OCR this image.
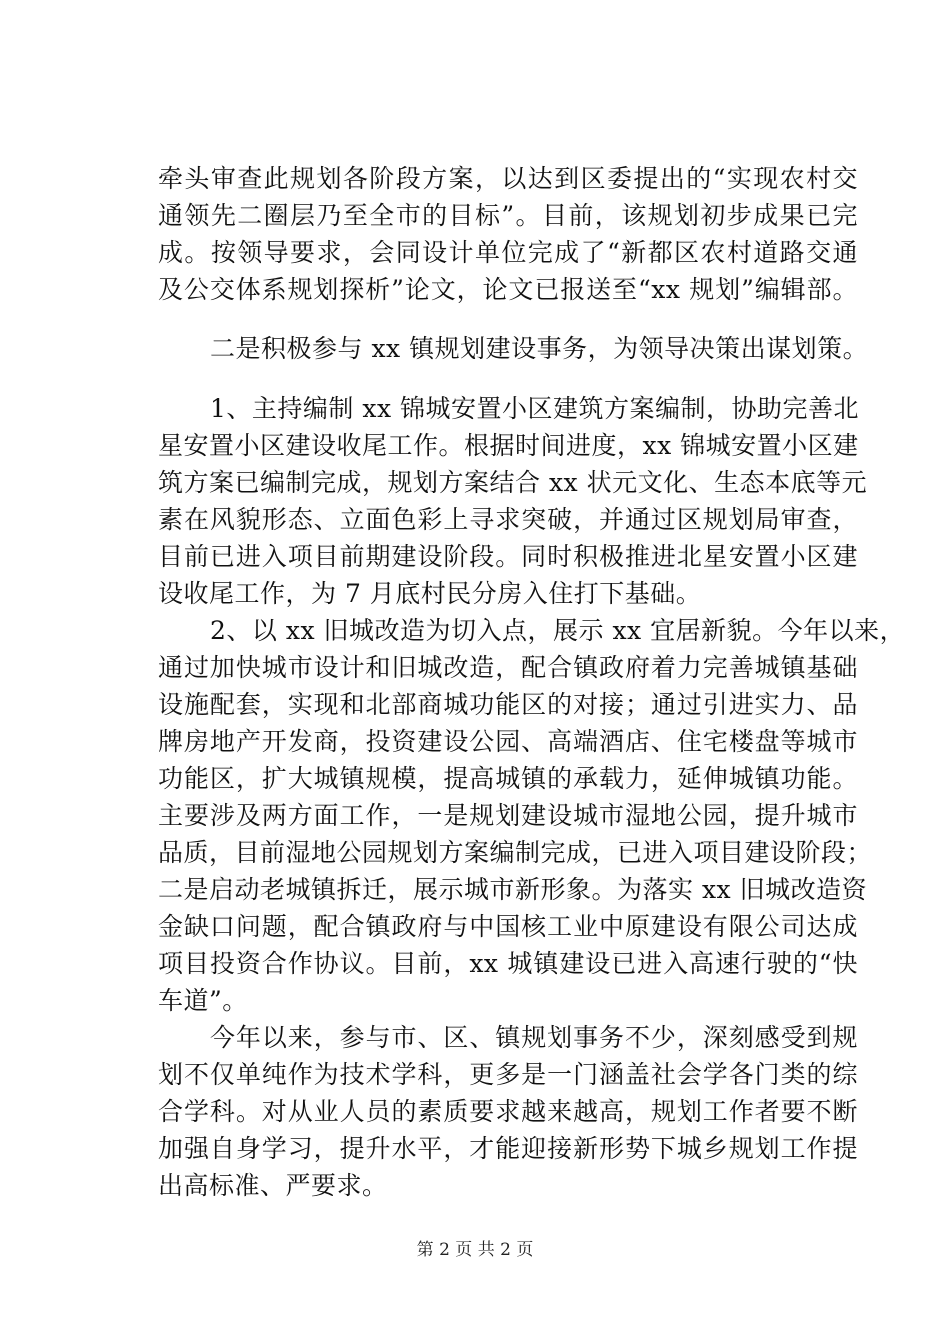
牵头审查此规划各阶段方案，以达到区委提出的“实现农村交
通领先二圈层乃至全市的目标”。目前，该规划初步成果已完
成。按领导要求，会同设计单位完成了“新都区农村道路交通
及公交体系规划探析”论文，论文已报送至“xx 规划”编辑部。
二是积极参与 xx 镇规划建设事务，为领导决策出谋划策。
1、主持编制 xx 锦城安置小区建筑方案编制，协助完善北
星安置小区建设收尾工作。根据时间进度，xx 锦城安置小区建
筑方案已编制完成，规划方案结合 xx 状元文化、生态本底等元
素在风貌形态、立面色彩上寻求突破，并通过区规划局审查，
目前已进入项目前期建设阶段。同时积极推进北星安置小区建
设收尾工作，为 7 月底村民分房入住打下基础。
2、以 xx 旧城改造为切入点，展示 xx 宜居新貌。今年以来，
通过加快城市设计和旧城改造，配合镇政府着力完善城镇基础
设施配套，实现和北部商城功能区的对接；通过引进实力、品
牌房地产开发商，投资建设公园、高端酒店、住宅楼盘等城市
功能区，扩大城镇规模，提高城镇的承载力，延伸城镇功能。
主要涉及两方面工作，一是规划建设城市湿地公园，提升城市
品质，目前湿地公园规划方案编制完成，已进入项目建设阶段；
二是启动老城镇拆迁，展示城市新形象。为落实 xx 旧城改造资
金缺口问题，配合镇政府与中国核工业中原建设有限公司达成
项目投资合作协议。目前，xx 城镇建设已进入高速行驶的“快
车道”。
今年以来，参与市、区、镇规划事务不少，深刻感受到规
划不仅单纯作为技术学科，更多是一门涵盖社会学各门类的综
合学科。对从业人员的素质要求越来越高，规划工作者要不断
加强自身学习，提升水平，才能迎接新形势下城乡规划工作提
出高标准、严要求。
第 2 页 共 2 页
